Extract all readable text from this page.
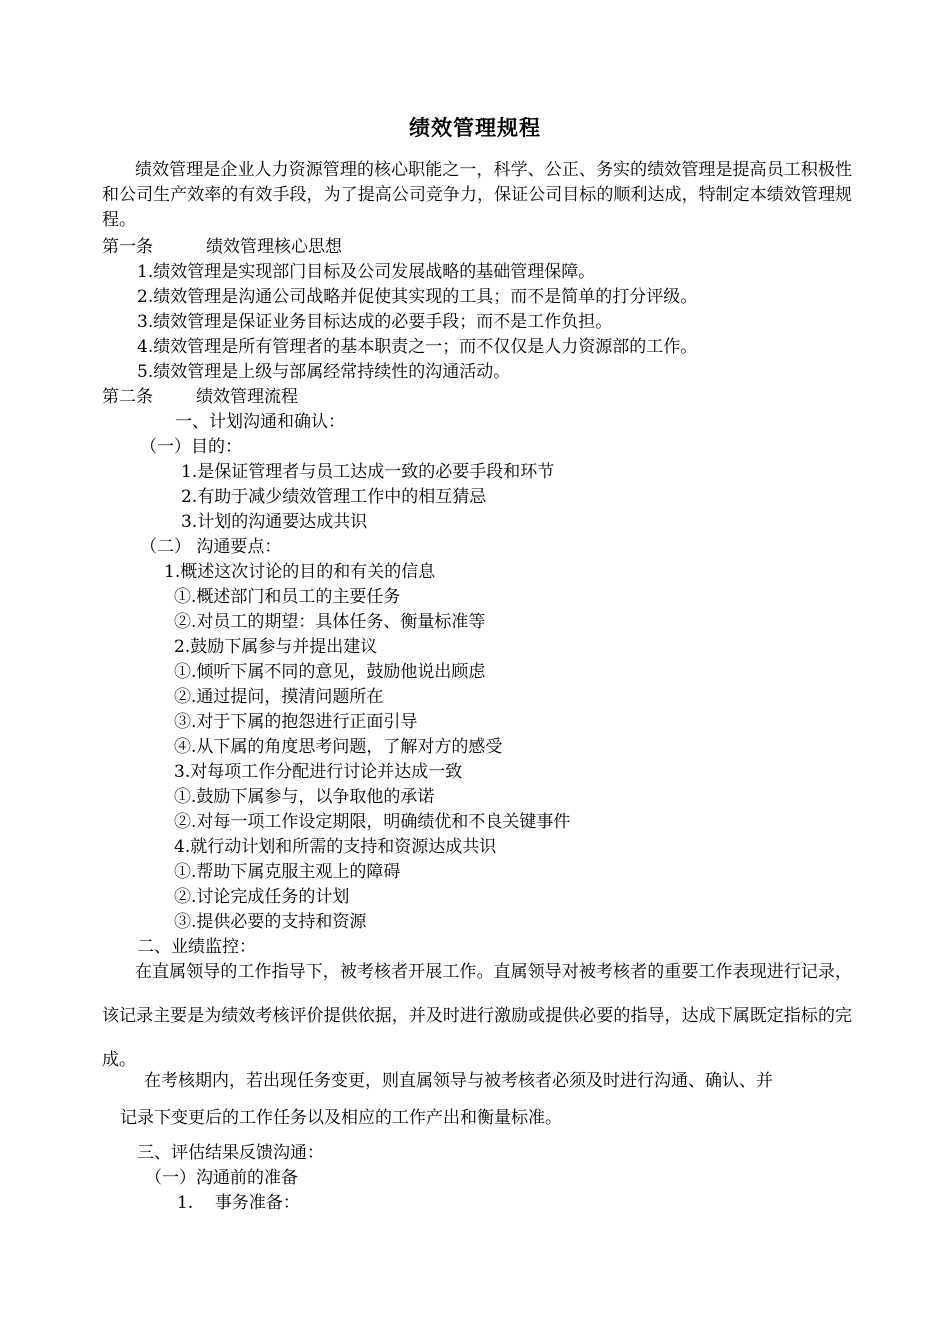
绩效管理规程
绩效管理是企业人力资源管理的核心职能之一，科学、公正、务实的绩效管理是提高员工积极性和公司生产效率的有效手段，为了提高公司竞争力，保证公司目标的顺利达成，特制定本绩效管理规程。
第一条	绩效管理核心思想
1.绩效管理是实现部门目标及公司发展战略的基础管理保障。
2.绩效管理是沟通公司战略并促使其实现的工具；而不是简单的打分评级。
3.绩效管理是保证业务目标达成的必要手段；而不是工作负担。
4.绩效管理是所有管理者的基本职责之一；而不仅仅是人力资源部的工作。
5.绩效管理是上级与部属经常持续性的沟通活动。
第二条	绩效管理流程
一、计划沟通和确认：
（一）目的：
1.是保证管理者与员工达成一致的必要手段和环节
2.有助于减少绩效管理工作中的相互猜忌
3.计划的沟通要达成共识
（二） 沟通要点：
1.概述这次讨论的目的和有关的信息
①.概述部门和员工的主要任务
②.对员工的期望：具体任务、衡量标准等
2.鼓励下属参与并提出建议
①.倾听下属不同的意见，鼓励他说出顾虑
②.通过提问，摸清问题所在
③.对于下属的抱怨进行正面引导
④.从下属的角度思考问题，了解对方的感受
3.对每项工作分配进行讨论并达成一致
①.鼓励下属参与，以争取他的承诺
②.对每一项工作设定期限，明确绩优和不良关键事件
4.就行动计划和所需的支持和资源达成共识
①.帮助下属克服主观上的障碍
②.讨论完成任务的计划
③.提供必要的支持和资源
二、业绩监控：
在直属领导的工作指导下，被考核者开展工作。直属领导对被考核者的重要工作表现进行记录，该记录主要是为绩效考核评价提供依据，并及时进行激励或提供必要的指导，达成下属既定指标的完成。
在考核期内，若出现任务变更，则直属领导与被考核者必须及时进行沟通、确认、并
记录下变更后的工作任务以及相应的工作产出和衡量标准。
三、评估结果反馈沟通：
（一）沟通前的准备
1.    事务准备：
